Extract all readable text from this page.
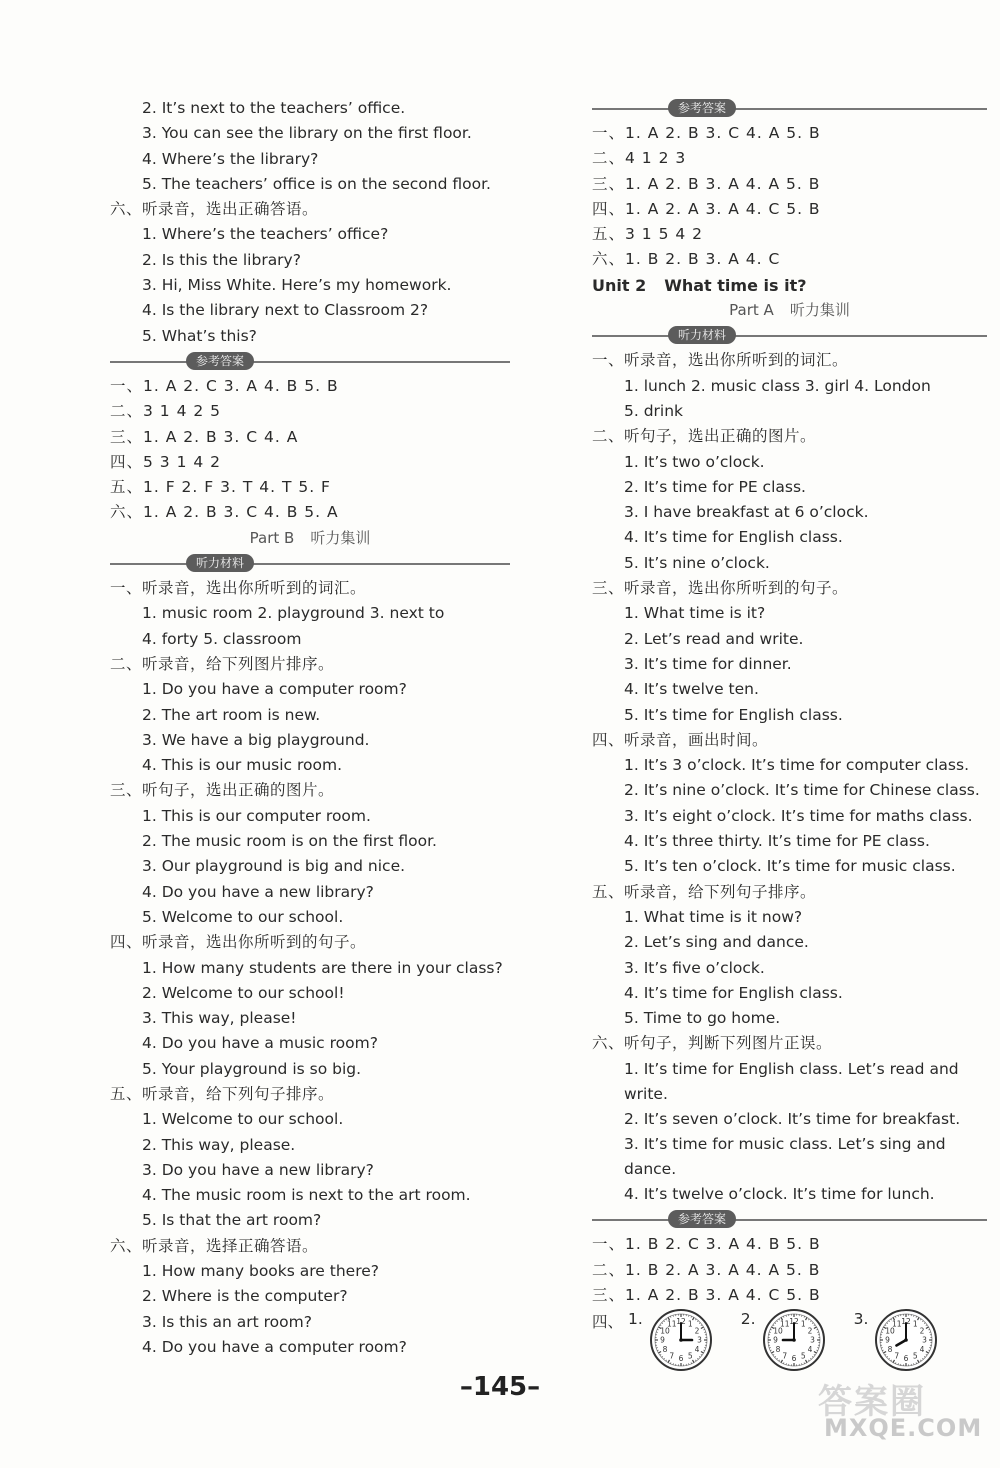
2. It’s next to the teachers’ office.
3. You can see the library on the first floor.
4. Where’s the library?
5. The teachers’ office is on the second floor.
六、听录音，选出正确答语。
1. Where’s the teachers’ office?
2. Is this the library?
3. Hi, Miss White. Here’s my homework.
4. Is the library next to Classroom 2?
5. What’s this?
参考答案
一、1. A 2. C 3. A 4. B 5. B
二、3 1 4 2 5
三、1. A 2. B 3. C 4. A
四、5 3 1 4 2
五、1. F 2. F 3. T 4. T 5. F
六、1. A 2. B 3. C 4. B 5. A
Part B 听力集训
听力材料
一、听录音，选出你所听到的词汇。
1. music room 2. playground 3. next to
4. forty 5. classroom
二、听录音，给下列图片排序。
1. Do you have a computer room?
2. The art room is new.
3. We have a big playground.
4. This is our music room.
三、听句子，选出正确的图片。
1. This is our computer room.
2. The music room is on the first floor.
3. Our playground is big and nice.
4. Do you have a new library?
5. Welcome to our school.
四、听录音，选出你所听到的句子。
1. How many students are there in your class?
2. Welcome to our school!
3. This way, please!
4. Do you have a music room?
5. Your playground is so big.
五、听录音，给下列句子排序。
1. Welcome to our school.
2. This way, please.
3. Do you have a new library?
4. The music room is next to the art room.
5. Is that the art room?
六、听录音，选择正确答语。
1. How many books are there?
2. Where is the computer?
3. Is this an art room?
4. Do you have a computer room?
参考答案
一、1. A 2. B 3. C 4. A 5. B
二、4 1 2 3
三、1. A 2. B 3. A 4. A 5. B
四、1. A 2. A 3. A 4. C 5. B
五、3 1 5 4 2
六、1. B 2. B 3. A 4. C
Unit 2 What time is it?
Part A 听力集训
听力材料
一、听录音，选出你所听到的词汇。
1. lunch 2. music class 3. girl 4. London
5. drink
二、听句子，选出正确的图片。
1. It’s two o’clock.
2. It’s time for PE class.
3. I have breakfast at 6 o’clock.
4. It’s time for English class.
5. It’s nine o’clock.
三、听录音，选出你所听到的句子。
1. What time is it?
2. Let’s read and write.
3. It’s time for dinner.
4. It’s twelve ten.
5. It’s time for English class.
四、听录音，画出时间。
1. It’s 3 o’clock. It’s time for computer class.
2. It’s nine o’clock. It’s time for Chinese class.
3. It’s eight o’clock. It’s time for maths class.
4. It’s three thirty. It’s time for PE class.
5. It’s ten o’clock. It’s time for music class.
五、听录音，给下列句子排序。
1. What time is it now?
2. Let’s sing and dance.
3. It’s five o’clock.
4. It’s time for English class.
5. Time to go home.
六、听句子，判断下列图片正误。
1. It’s time for English class. Let’s read and write.
2. It’s seven o’clock. It’s time for breakfast.
3. It’s time for music class. Let’s sing and dance.
4. It’s twelve o’clock. It’s time for lunch.
参考答案
一、1. B 2. C 3. A 4. B 5. B
二、1. B 2. A 3. A 4. A 5. B
三、1. A 2. B 3. A 4. C 5. B
四、 1.	1
2
3
4
5
6
7
8
9
10
11 12	2.	1
2
3
4
5
6
7
8
9
10
11 12	3.	1
2
3
4
5
6
7
8
9
10
11 12
–145–	答案圈
MXQE.COM
